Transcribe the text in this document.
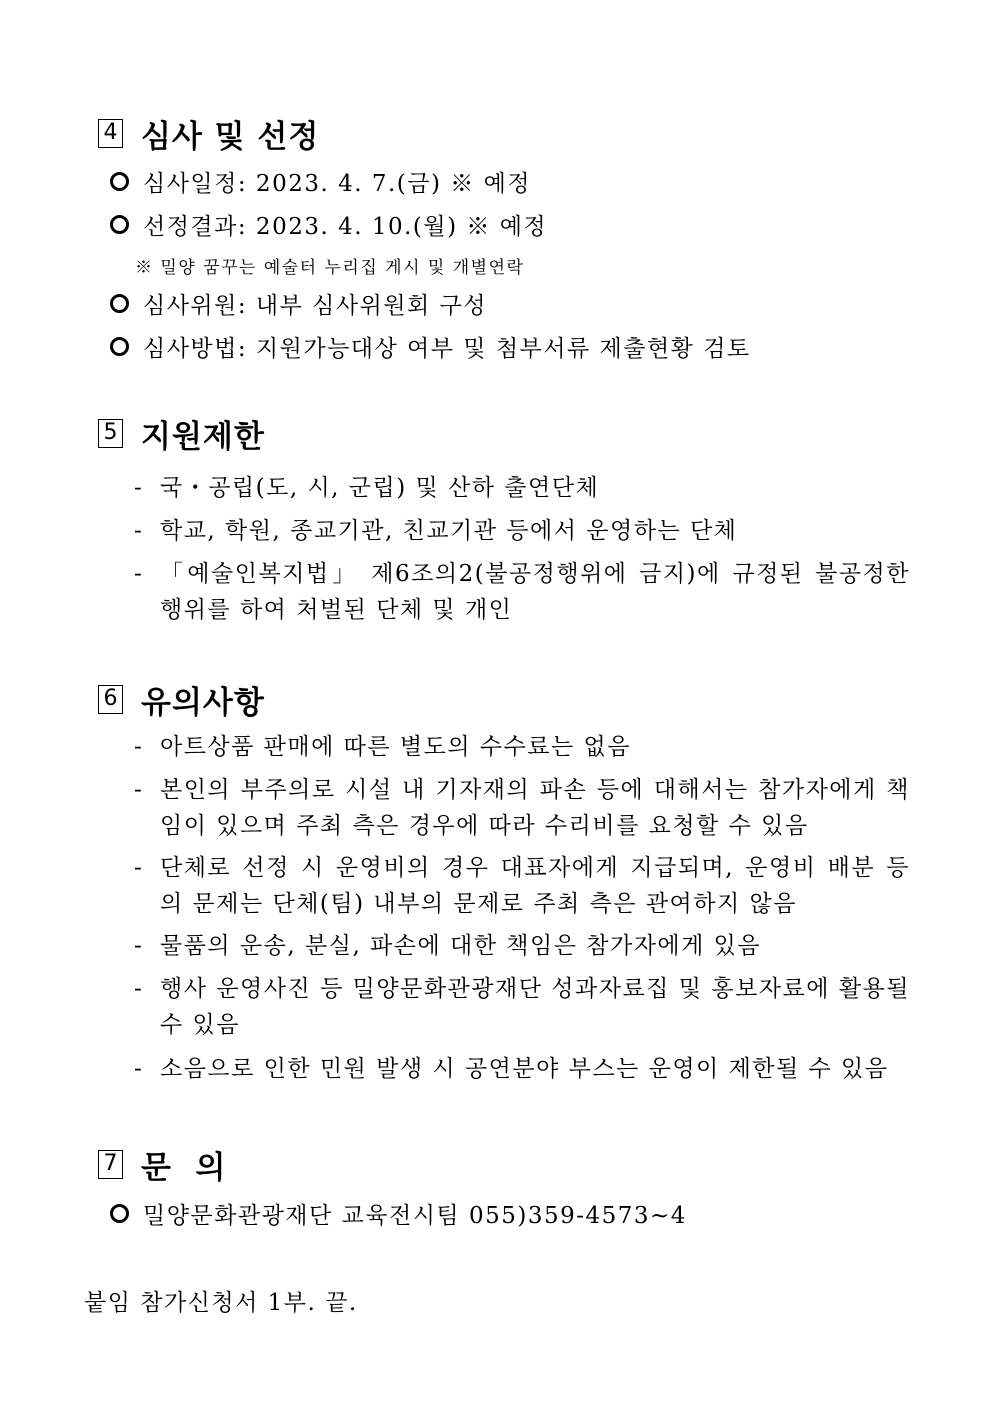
4 심사 및 선정
심사일정: 2023. 4. 7.(금) ※ 예정
선정결과: 2023. 4. 10.(월) ※ 예정
※ 밀양 꿈꾸는 예술터 누리집 게시 및 개별연락
심사위원: 내부 심사위원회 구성
심사방법: 지원가능대상 여부 및 첨부서류 제출현황 검토
5 지원제한
- 국・공립(도, 시, 군립) 및 산하 출연단체
- 학교, 학원, 종교기관, 친교기관 등에서 운영하는 단체
- 「예술인복지법」 제6조의2(불공정행위에 금지)에 규정된 불공정한 행위를 하여 처벌된 단체 및 개인
6 유의사항
- 아트상품 판매에 따른 별도의 수수료는 없음
- 본인의 부주의로 시설 내 기자재의 파손 등에 대해서는 참가자에게 책임이 있으며 주최 측은 경우에 따라 수리비를 요청할 수 있음
- 단체로 선정 시 운영비의 경우 대표자에게 지급되며, 운영비 배분 등의 문제는 단체(팀) 내부의 문제로 주최 측은 관여하지 않음
- 물품의 운송, 분실, 파손에 대한 책임은 참가자에게 있음
- 행사 운영사진 등 밀양문화관광재단 성과자료집 및 홍보자료에 활용될 수 있음
- 소음으로 인한 민원 발생 시 공연분야 부스는 운영이 제한될 수 있음
7 문  의
밀양문화관광재단 교육전시팀 055)359-4573~4
붙임 참가신청서 1부. 끝.
